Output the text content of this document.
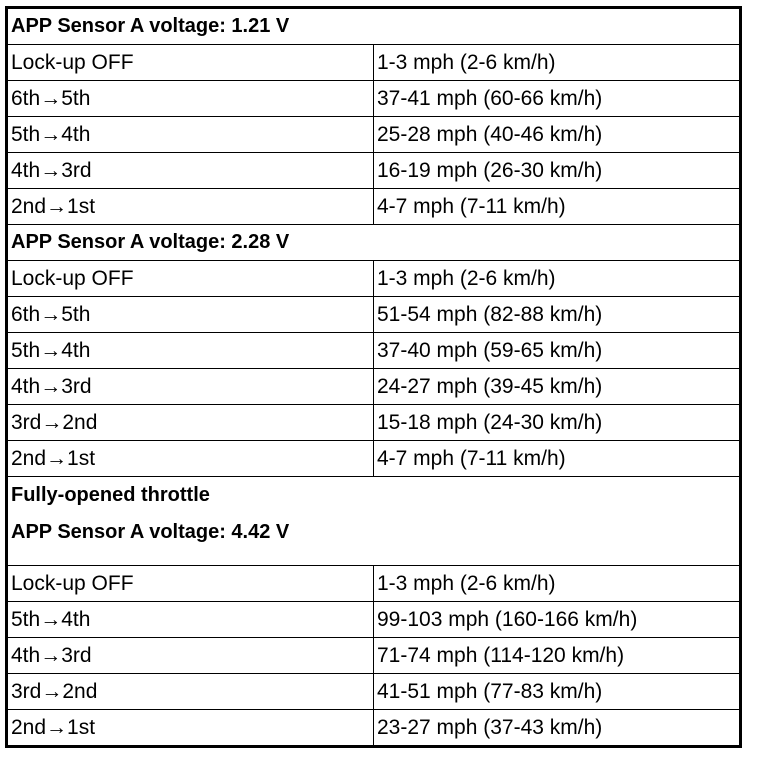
APP Sensor A voltage: 1.21 V	
Lock-up OFF	1-3 mph (2-6 km/h)
6th→5th	37-41 mph (60-66 km/h)
5th→4th	25-28 mph (40-46 km/h)
4th→3rd	16-19 mph (26-30 km/h)
2nd→1st	4-7 mph (7-11 km/h)
APP Sensor A voltage: 2.28 V	
Lock-up OFF	1-3 mph (2-6 km/h)
6th→5th	51-54 mph (82-88 km/h)
5th→4th	37-40 mph (59-65 km/h)
4th→3rd	24-27 mph (39-45 km/h)
3rd→2nd	15-18 mph (24-30 km/h)
2nd→1st	4-7 mph (7-11 km/h)

Fully-opened throttle
APP Sensor A voltage: 4.42 V	

Lock-up OFF	1-3 mph (2-6 km/h)
5th→4th	99-103 mph (160-166 km/h)
4th→3rd	71-74 mph (114-120 km/h)
3rd→2nd	41-51 mph (77-83 km/h)
2nd→1st	23-27 mph (37-43 km/h)
